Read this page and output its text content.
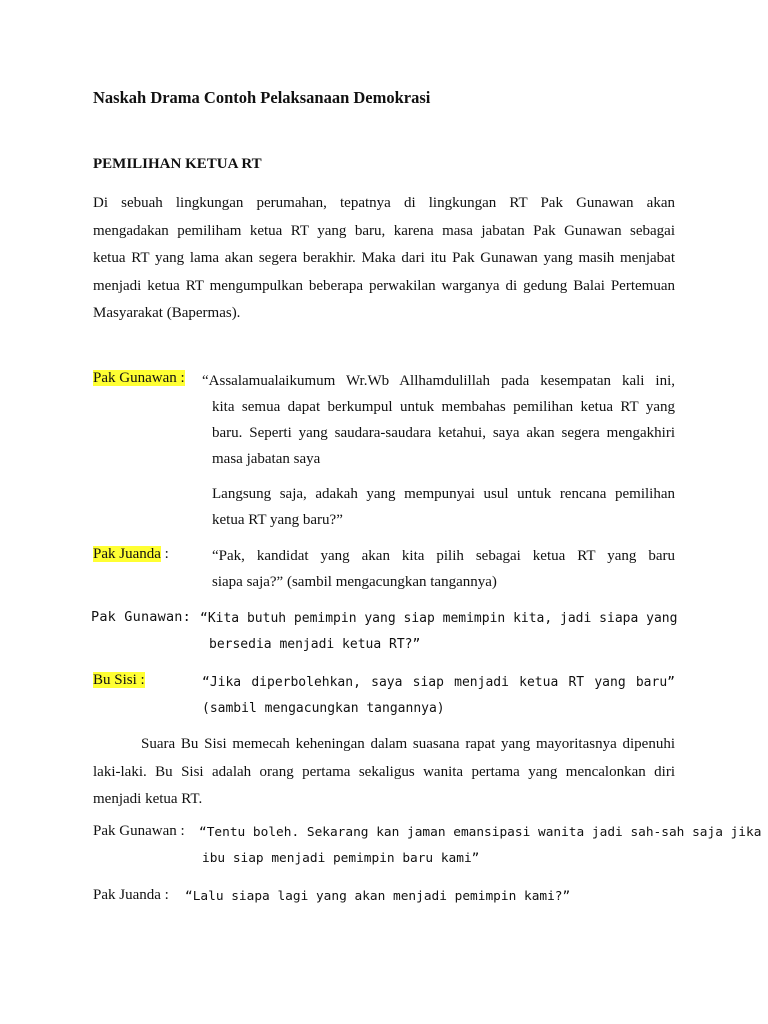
Naskah Drama Contoh Pelaksanaan Demokrasi
PEMILIHAN KETUA RT
Di sebuah lingkungan perumahan, tepatnya di lingkungan RT Pak Gunawan akan
mengadakan pemiliham ketua RT yang baru, karena masa jabatan Pak Gunawan sebagai
ketua RT yang lama akan segera berakhir. Maka dari itu Pak Gunawan yang masih menjabat
menjadi ketua RT mengumpulkan beberapa perwakilan warganya di gedung Balai Pertemuan
Masyarakat (Bapermas).
Pak Gunawan : “Assalamualaikumum Wr.Wb Allhamdulillah pada kesempatan kali ini,
kita semua dapat berkumpul untuk membahas pemilihan ketua RT yang
baru. Seperti yang saudara-saudara ketahui, saya akan segera mengakhiri
masa jabatan saya
Langsung saja, adakah yang mempunyai usul untuk rencana pemilihan
ketua RT yang baru?”
Pak Juanda :	“Pak, kandidat yang akan kita pilih sebagai ketua RT yang baru
siapa saja?” (sambil mengacungkan tangannya)
Pak Gunawan: “Kita butuh pemimpin yang siap memimpin kita, jadi siapa yang
bersedia menjadi ketua RT?”
Bu Sisi :	“Jika diperbolehkan, saya siap menjadi ketua RT yang baru”
(sambil mengacungkan tangannya)
Suara Bu Sisi memecah keheningan dalam suasana rapat yang mayoritasnya dipenuhi
laki-laki. Bu Sisi adalah orang pertama sekaligus wanita pertama yang mencalonkan diri
menjadi ketua RT.
Pak Gunawan : “Tentu boleh. Sekarang kan jaman emansipasi wanita jadi sah-sah saja jika
ibu siap menjadi pemimpin baru kami”
Pak Juanda : “Lalu siapa lagi yang akan menjadi pemimpin kami?”
